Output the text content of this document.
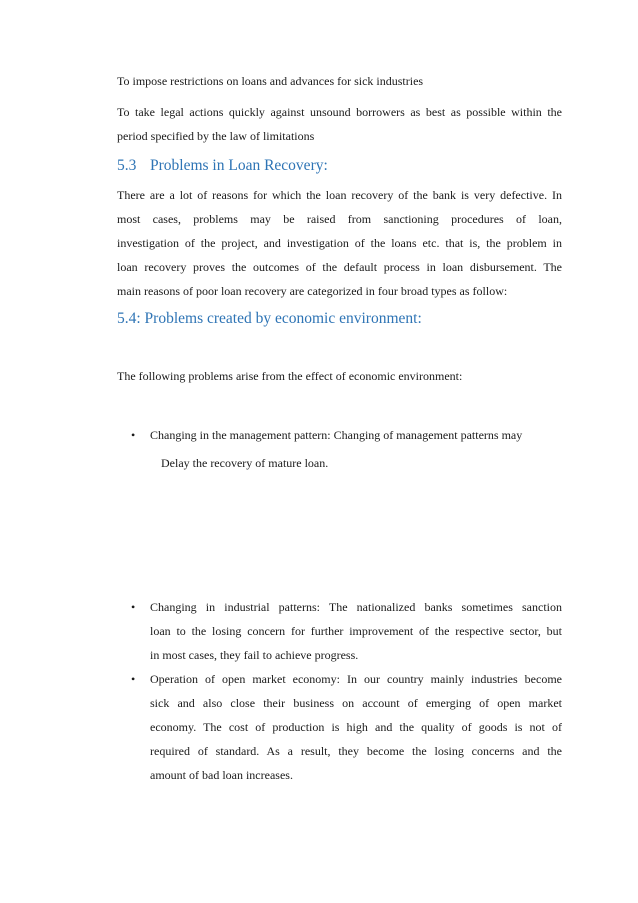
To impose restrictions on loans and advances for sick industries
To take legal actions quickly against unsound borrowers as best as possible within the
period specified by the law of limitations
5.3 Problems in Loan Recovery:
There are a lot of reasons for which the loan recovery of the bank is very defective. In
most cases, problems may be raised from sanctioning procedures of loan,
investigation of the project, and investigation of the loans etc. that is, the problem in
loan recovery proves the outcomes of the default process in loan disbursement. The
main reasons of poor loan recovery are categorized in four broad types as follow:
5.4: Problems created by economic environment:
The following problems arise from the effect of economic environment:
• Changing in the management pattern: Changing of management patterns may
Delay the recovery of mature loan.
• Changing in industrial patterns: The nationalized banks sometimes sanction
loan to the losing concern for further improvement of the respective sector, but
in most cases, they fail to achieve progress.
• Operation of open market economy: In our country mainly industries become
sick and also close their business on account of emerging of open market
economy. The cost of production is high and the quality of goods is not of
required of standard. As a result, they become the losing concerns and the
amount of bad loan increases.
